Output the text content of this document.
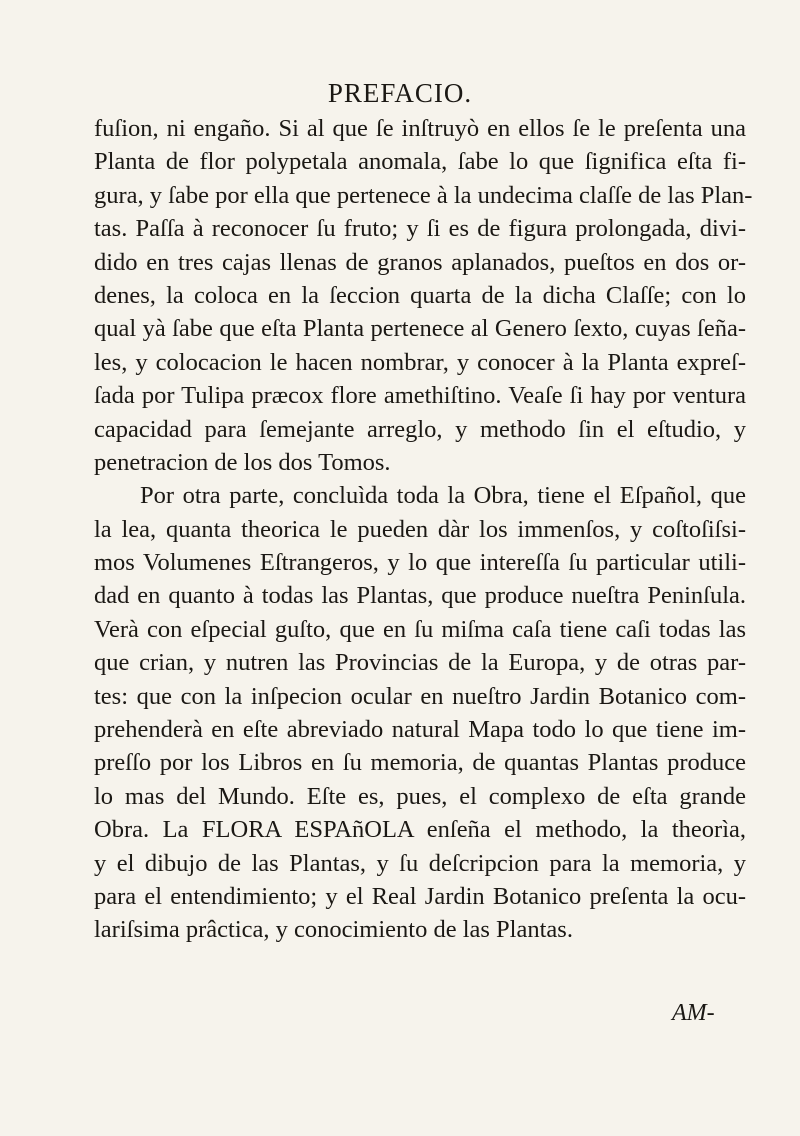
PREFACIO.
fuſion, ni engaño. Si al que ſe inſtruyò en ellos ſe le preſenta una
Planta de flor polypetala anomala, ſabe lo que ſignifica eſta fi-
gura, y ſabe por ella que pertenece à la undecima claſſe de las Plan-
tas. Paſſa à reconocer ſu fruto; y ſi es de figura prolongada, divi-
dido en tres cajas llenas de granos aplanados, pueſtos en dos or-
denes, la coloca en la ſeccion quarta de la dicha Claſſe; con lo
qual yà ſabe que eſta Planta pertenece al Genero ſexto, cuyas ſeña-
les, y colocacion le hacen nombrar, y conocer à la Planta expreſ-
ſada por Tulipa præcox flore amethiſtino. Veaſe ſi hay por ventura
capacidad para ſemejante arreglo, y methodo ſin el eſtudio, y
penetracion de los dos Tomos.
Por otra parte, concluìda toda la Obra, tiene el Eſpañol, que
la lea, quanta theorica le pueden dàr los immenſos, y coſtoſiſsi-
mos Volumenes Eſtrangeros, y lo que intereſſa ſu particular utili-
dad en quanto à todas las Plantas, que produce nueſtra Peninſula.
Verà con eſpecial guſto, que en ſu miſma caſa tiene caſi todas las
que crian, y nutren las Provincias de la Europa, y de otras par-
tes: que con la inſpecion ocular en nueſtro Jardin Botanico com-
prehenderà en eſte abreviado natural Mapa todo lo que tiene im-
preſſo por los Libros en ſu memoria, de quantas Plantas produce
lo mas del Mundo. Eſte es, pues, el complexo de eſta grande
Obra. La FLORA ESPAñOLA enſeña el methodo, la theorìa,
y el dibujo de las Plantas, y ſu deſcripcion para la memoria, y
para el entendimiento; y el Real Jardin Botanico preſenta la ocu-
lariſsima prâctica, y conocimiento de las Plantas.
AM-
